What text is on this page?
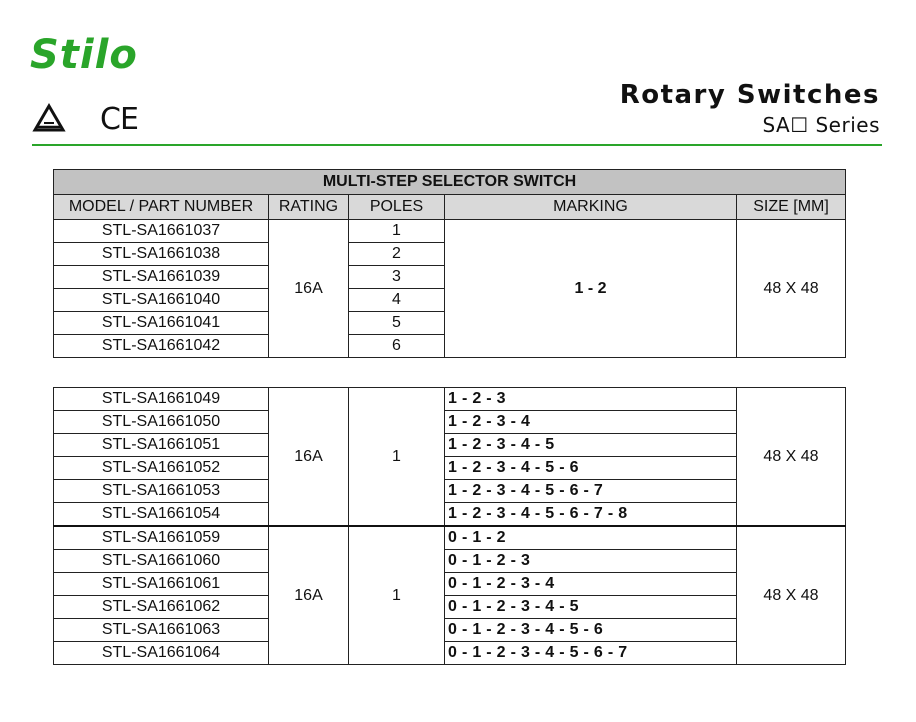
Stilo
CE
Rotary Switches
SA☐ Series
MULTI-STEP SELECTOR SWITCH				
MODEL / PART NUMBER	RATING	POLES	MARKING	SIZE [MM]
STL-SA1661037	16A	1	1 - 2	48 X 48
STL-SA1661038		2		
STL-SA1661039		3		
STL-SA1661040		4		
STL-SA1661041		5		
STL-SA1661042		6		
STL-SA1661049	16A	1	1 - 2 - 3	48 X 48
STL-SA1661050			1 - 2 - 3 - 4	
STL-SA1661051			1 - 2 - 3 - 4 - 5	
STL-SA1661052			1 - 2 - 3 - 4 - 5 - 6	
STL-SA1661053			1 - 2 - 3 - 4 - 5 - 6 - 7	
STL-SA1661054			1 - 2 - 3 - 4 - 5 - 6 - 7 - 8	
STL-SA1661059	16A	1	0 - 1 - 2	48 X 48
STL-SA1661060			0 - 1 - 2 - 3	
STL-SA1661061			0 - 1 - 2 - 3 - 4	
STL-SA1661062			0 - 1 - 2 - 3 - 4 - 5	
STL-SA1661063			0 - 1 - 2 - 3 - 4 - 5 - 6	
STL-SA1661064			0 - 1 - 2 - 3 - 4 - 5 - 6 - 7	
